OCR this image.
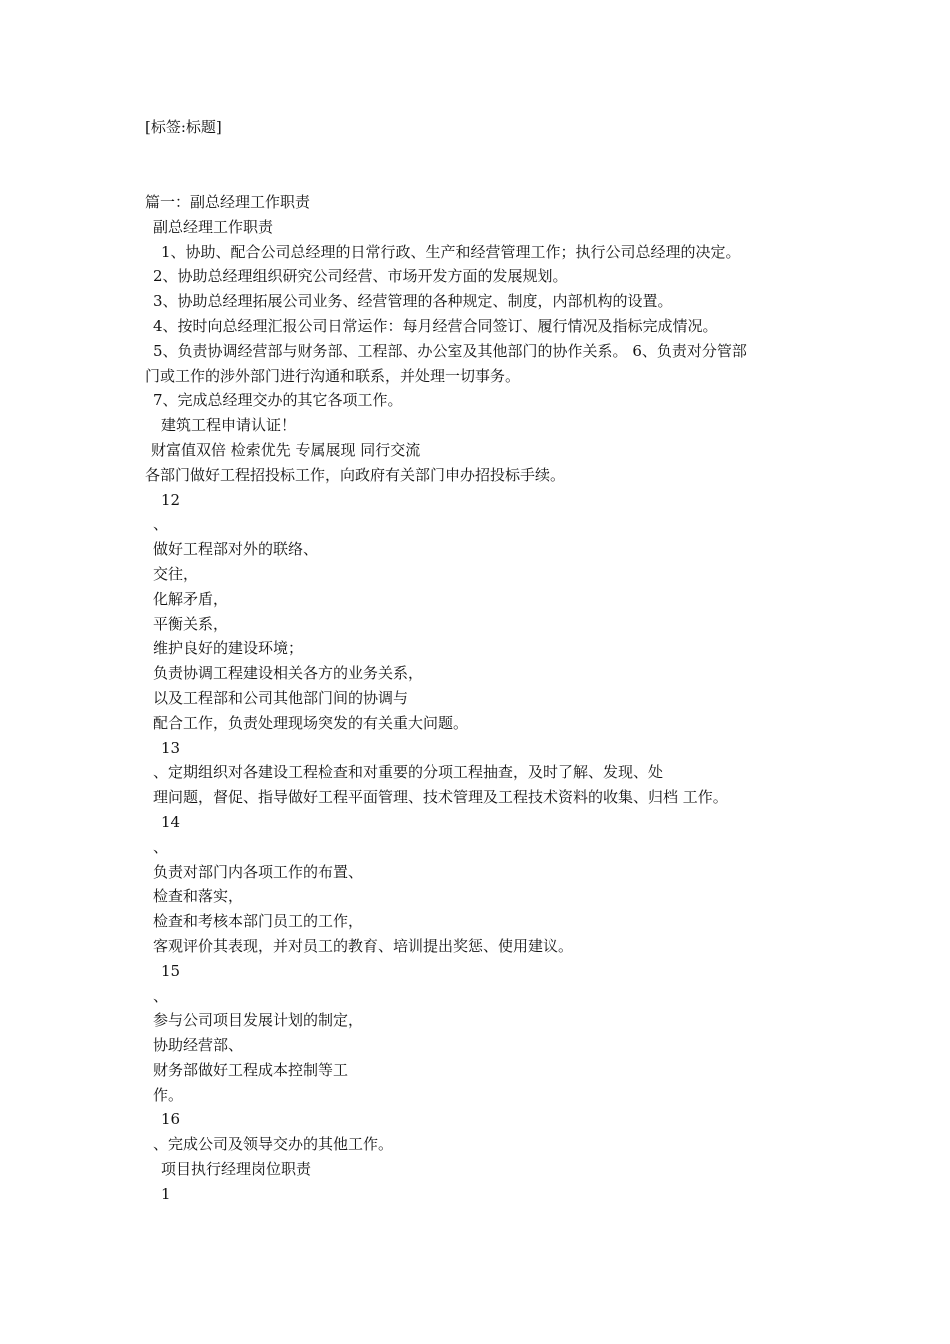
[标签:标题]
篇一：副总经理工作职责
副总经理工作职责
1、协助、配合公司总经理的日常行政、生产和经营管理工作；执行公司总经理的决定。
2、协助总经理组织研究公司经营、市场开发方面的发展规划。
3、协助总经理拓展公司业务、经营管理的各种规定、制度，内部机构的设置。
4、按时向总经理汇报公司日常运作：每月经营合同签订、履行情况及指标完成情况。
5、负责协调经营部与财务部、工程部、办公室及其他部门的协作关系。 6、负责对分管部
门或工作的涉外部门进行沟通和联系，并处理一切事务。
7、完成总经理交办的其它各项工作。
建筑工程申请认证！
财富值双倍 检索优先 专属展现 同行交流
各部门做好工程招投标工作，向政府有关部门申办招投标手续。
12
、
做好工程部对外的联络、
交往，
化解矛盾，
平衡关系，
维护良好的建设环境；
负责协调工程建设相关各方的业务关系，
以及工程部和公司其他部门间的协调与
配合工作，负责处理现场突发的有关重大问题。
13
、定期组织对各建设工程检查和对重要的分项工程抽查，及时了解、发现、处
理问题，督促、指导做好工程平面管理、技术管理及工程技术资料的收集、归档 工作。
14
、
负责对部门内各项工作的布置、
检查和落实，
检查和考核本部门员工的工作，
客观评价其表现，并对员工的教育、培训提出奖惩、使用建议。
15
、
参与公司项目发展计划的制定，
协助经营部、
财务部做好工程成本控制等工
作。
16
、完成公司及领导交办的其他工作。
项目执行经理岗位职责
1
